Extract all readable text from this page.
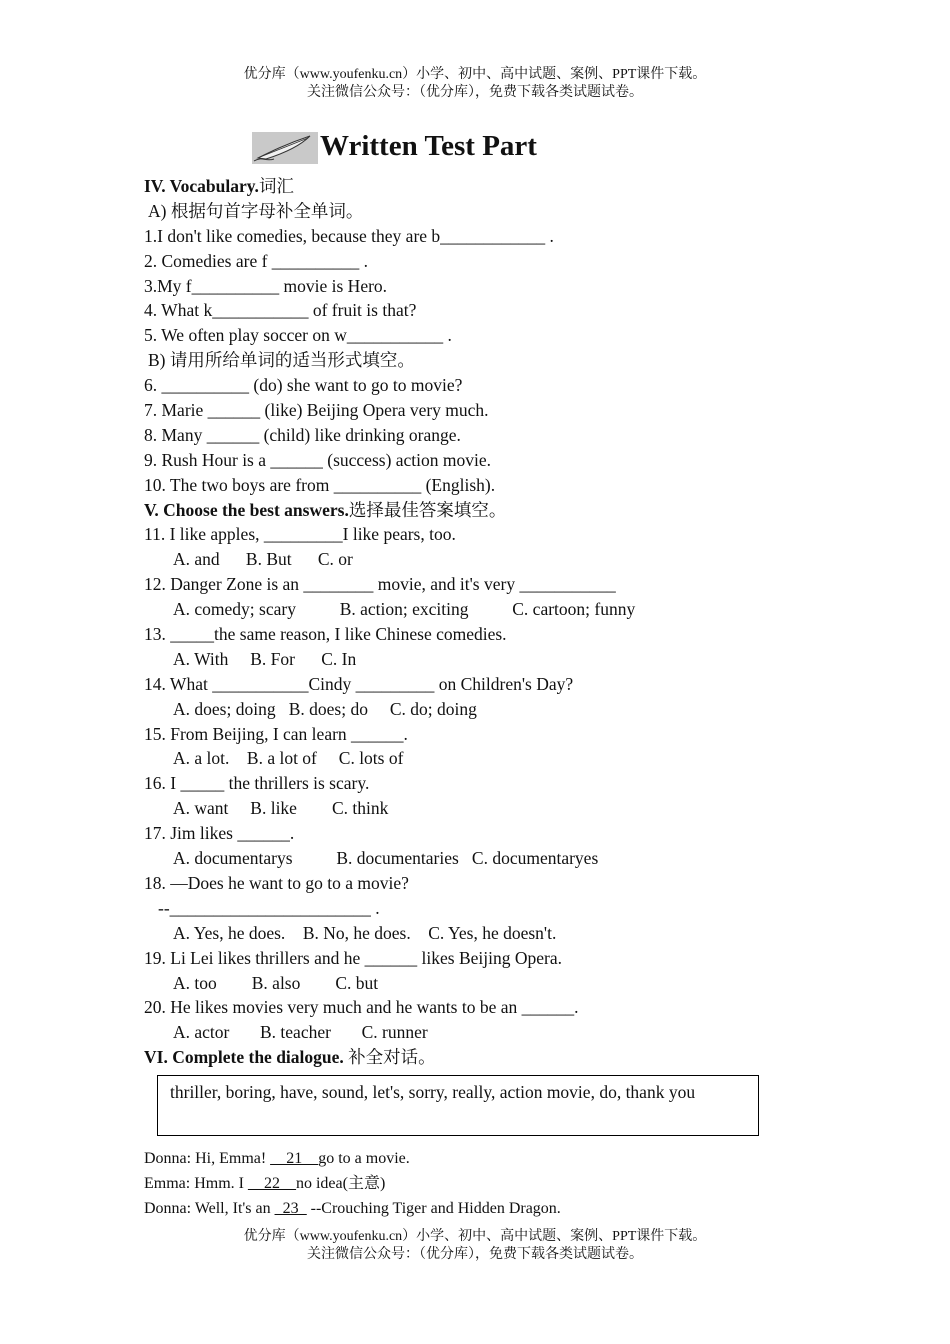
优分库（www.youfenku.cn）小学、初中、高中试题、案例、PPT课件下载。
关注微信公众号：（优分库），免费下载各类试题试卷。
Written Test Part
IV. Vocabulary.词汇
A) 根据句首字母补全单词。
1.I don't like comedies, because they are b____________ .
2. Comedies are f __________ .
3.My f__________ movie is Hero.
4. What k___________ of fruit is that?
5. We often play soccer on w___________ .
B) 请用所给单词的适当形式填空。
6. __________ (do) she want to go to movie?
7. Marie ______ (like) Beijing Opera very much.
8. Many ______ (child) like drinking orange.
9. Rush Hour is a ______ (success) action movie.
10. The two boys are from __________ (English).
V. Choose the best answers.选择最佳答案填空。
11. I like apples, _________I like pears, too.
A. and B. But C. or
12. Danger Zone is an ________ movie, and it's very ___________
A. comedy; scary	B. action; exciting	C. cartoon; funny
13. _____the same reason, I like Chinese comedies.
A. With B. For C. In
14. What ___________Cindy _________ on Children's Day?
A. does; doing B. does; do C. do; doing
15. From Beijing, I can learn ______.
A. a lot. B. a lot of C. lots of
16. I _____ the thrillers is scary.
A. want B. like C. think
17. Jim likes ______.
A. documentarys	B. documentaries C. documentaryes
18. —Does he want to go to a movie?
--_______________________ .
A. Yes, he does. B. No, he does. C. Yes, he doesn't.
19. Li Lei likes thrillers and he ______ likes Beijing Opera.
A. too B. also C. but
20. He likes movies very much and he wants to be an ______.
A. actor B. teacher C. runner
VI. Complete the dialogue. 补全对话。
thriller, boring, have, sound, let's, sorry, really, action movie, do, thank you
Donna: Hi, Emma! __21__go to a movie.
Emma: Hmm. I __22__no idea(主意)
Donna: Well, It's an _23_ --Crouching Tiger and Hidden Dragon.
优分库（www.youfenku.cn）小学、初中、高中试题、案例、PPT课件下载。
关注微信公众号：（优分库），免费下载各类试题试卷。
